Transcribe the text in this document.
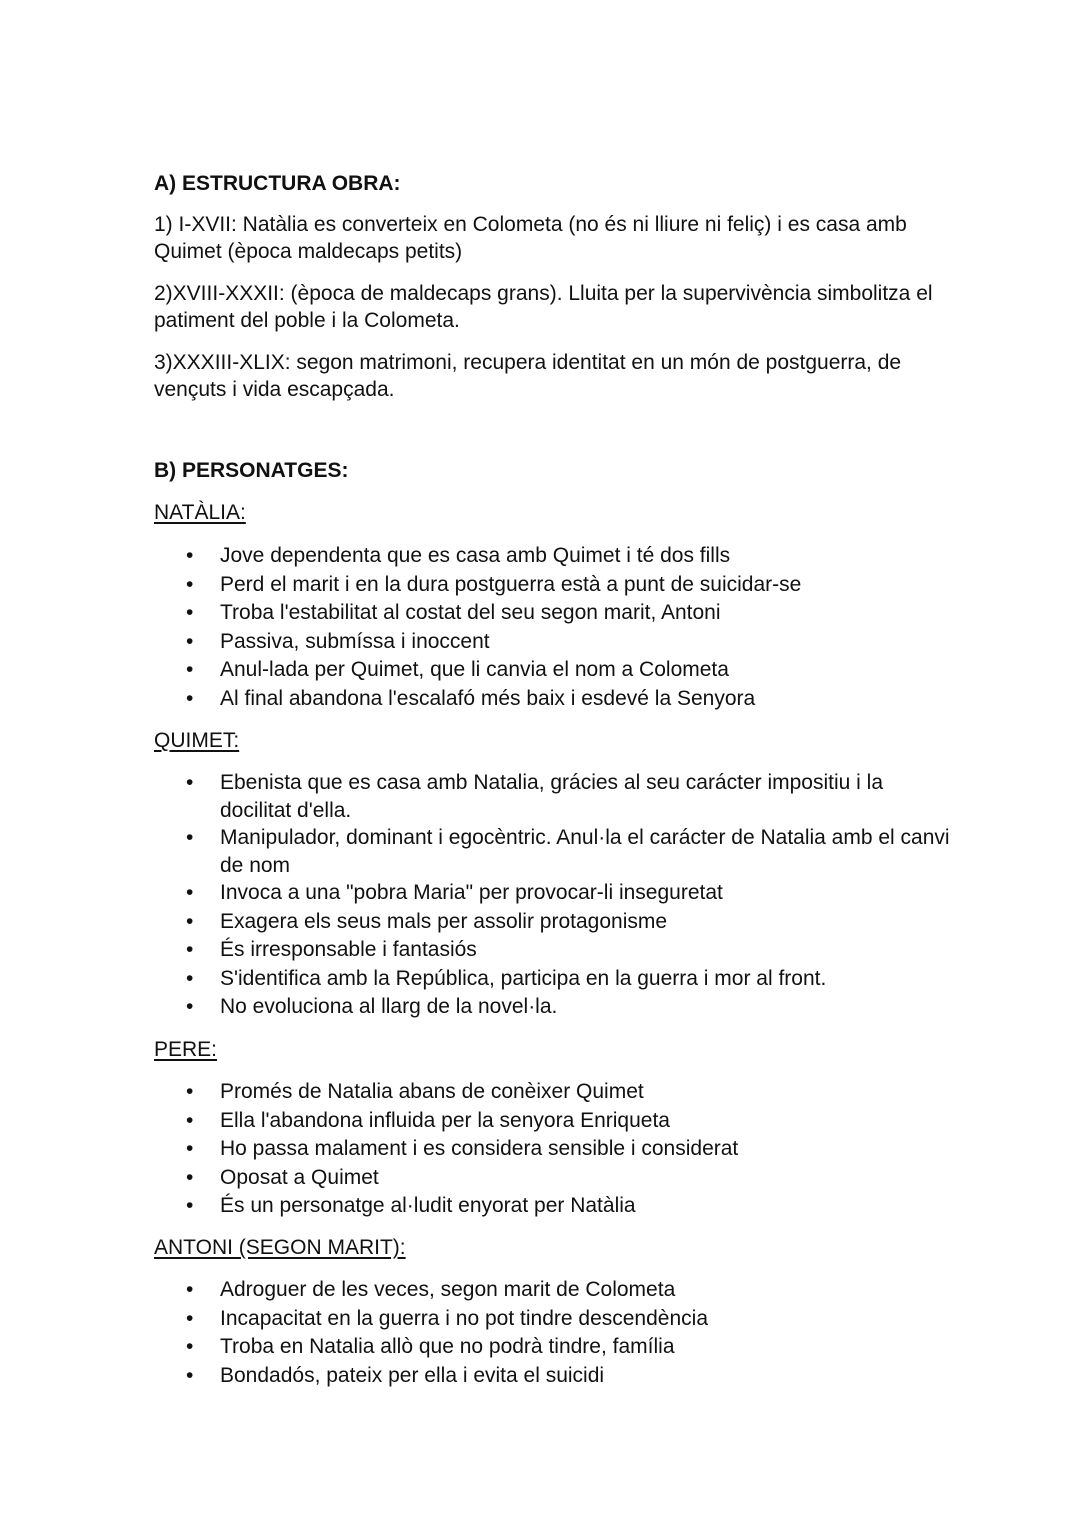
A) ESTRUCTURA OBRA:

1) I-XVII: Natàlia es converteix en Colometa (no és ni lliure ni feliç) i es casa amb Quimet (època maldecaps petits)

2)XVIII-XXXII: (època de maldecaps grans). Lluita per la supervivència simbolitza el patiment del poble i la Colometa.

3)XXXIII-XLIX: segon matrimoni, recupera identitat en un món de postguerra, de vençuts i vida escapçada.

B) PERSONATGES:
NATÀLIA:
• Jove dependenta que es casa amb Quimet i té dos fills
• Perd el marit i en la dura postguerra està a punt de suicidar-se
• Troba l'estabilitat al costat del seu segon marit, Antoni
• Passiva, submíssa i inoccent
• Anul-lada per Quimet, que li canvia el nom a Colometa
• Al final abandona l'escalafó més baix i esdevé la Senyora
QUIMET:
• Ebenista que es casa amb Natalia, grácies al seu carácter impositiu i la docilitat d'ella.
• Manipulador, dominant i egocèntric. Anul·la el carácter de Natalia amb el canvi de nom
• Invoca a una "pobra Maria" per provocar-li inseguretat
• Exagera els seus mals per assolir protagonisme
• És irresponsable i fantasiós
• S'identifica amb la República, participa en la guerra i mor al front.
• No evoluciona al llarg de la novel·la.
PERE:
• Promés de Natalia abans de conèixer Quimet
• Ella l'abandona influida per la senyora Enriqueta
• Ho passa malament i es considera sensible i considerat
• Oposat a Quimet
• És un personatge al·ludit enyorat per Natàlia
ANTONI (SEGON MARIT):
• Adroguer de les veces, segon marit de Colometa
• Incapacitat en la guerra i no pot tindre descendència
• Troba en Natalia allò que no podrà tindre, família
• Bondadós, pateix per ella i evita el suicidi
